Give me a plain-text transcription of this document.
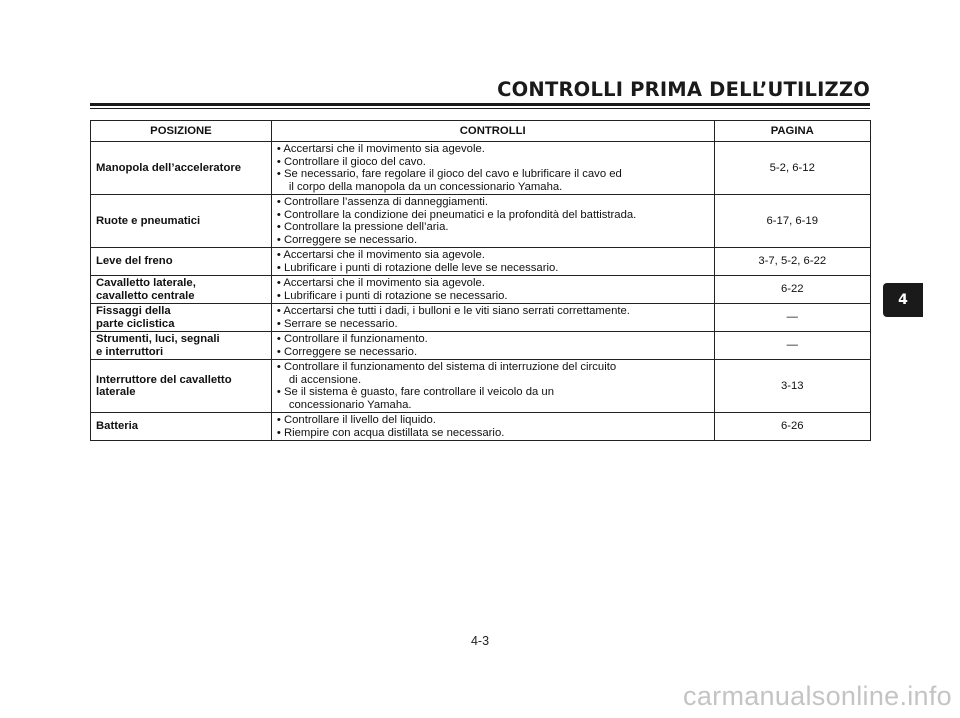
CONTROLLI PRIMA DELL’UTILIZZO
POSIZIONE	CONTROLLI	PAGINA

Manopola dell’acceleratore	• Accertarsi che il movimento sia agevole.
• Controllare il gioco del cavo.
• Se necessario, fare regolare il gioco del cavo e lubrificare il cavo ed
il corpo della manopola da un concessionario Yamaha.	5-2, 6-12

Ruote e pneumatici	• Controllare l’assenza di danneggiamenti.
• Controllare la condizione dei pneumatici e la profondità del battistrada.
• Controllare la pressione dell’aria.
• Correggere se necessario.	6-17, 6-19

Leve del freno	• Accertarsi che il movimento sia agevole.
• Lubrificare i punti di rotazione delle leve se necessario.	3-7, 5-2, 6-22

Cavalletto laterale,
cavalletto centrale	• Accertarsi che il movimento sia agevole.
• Lubrificare i punti di rotazione se necessario.	6-22

Fissaggi della
parte ciclistica	• Accertarsi che tutti i dadi, i bulloni e le viti siano serrati correttamente.
• Serrare se necessario.	—

Strumenti, luci, segnali
e interruttori	• Controllare il funzionamento.
• Correggere se necessario.	—

Interruttore del cavalletto
laterale	• Controllare il funzionamento del sistema di interruzione del circuito
di accensione.
• Se il sistema è guasto, fare controllare il veicolo da un
concessionario Yamaha.	3-13

Batteria	• Controllare il livello del liquido.
• Riempire con acqua distillata se necessario.	6-26
4
4-3
carmanualsonline.info
